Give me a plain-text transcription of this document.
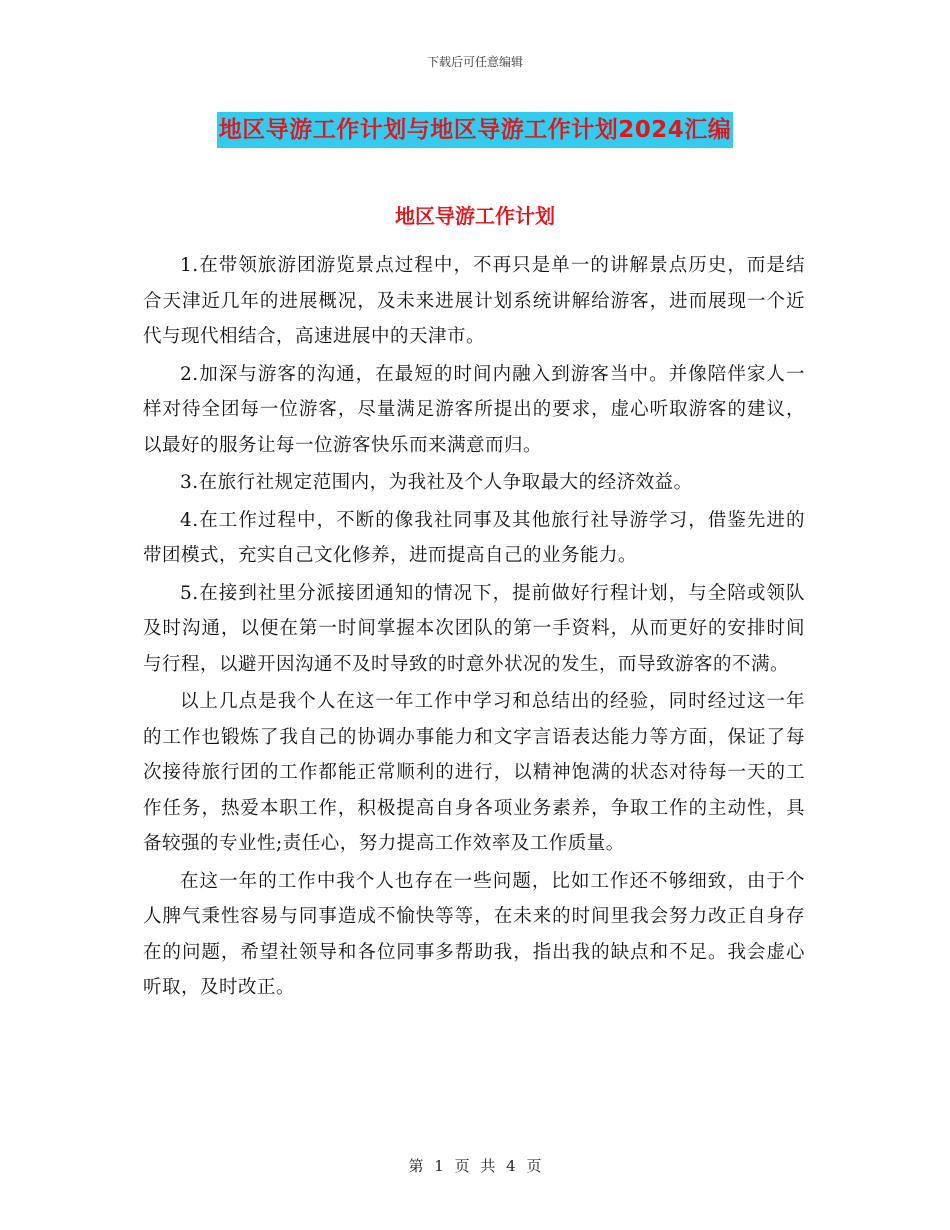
下载后可任意编辑
地区导游工作计划与地区导游工作计划2024汇编
地区导游工作计划

1.在带领旅游团游览景点过程中，不再只是单一的讲解景点历史，而是结合天津近几年的进展概况，及未来进展计划系统讲解给游客，进而展现一个近代与现代相结合，高速进展中的天津市。

2.加深与游客的沟通，在最短的时间内融入到游客当中。并像陪伴家人一样对待全团每一位游客，尽量满足游客所提出的要求，虚心听取游客的建议，以最好的服务让每一位游客快乐而来满意而归。

3.在旅行社规定范围内，为我社及个人争取最大的经济效益。

4.在工作过程中，不断的像我社同事及其他旅行社导游学习，借鉴先进的带团模式，充实自己文化修养，进而提高自己的业务能力。

5.在接到社里分派接团通知的情况下，提前做好行程计划，与全陪或领队及时沟通，以便在第一时间掌握本次团队的第一手资料，从而更好的安排时间与行程，以避开因沟通不及时导致的时意外状况的发生，而导致游客的不满。

以上几点是我个人在这一年工作中学习和总结出的经验，同时经过这一年的工作也锻炼了我自己的协调办事能力和文字言语表达能力等方面，保证了每次接待旅行团的工作都能正常顺利的进行，以精神饱满的状态对待每一天的工作任务，热爱本职工作，积极提高自身各项业务素养，争取工作的主动性，具备较强的专业性;责任心，努力提高工作效率及工作质量。

在这一年的工作中我个人也存在一些问题，比如工作还不够细致，由于个人脾气秉性容易与同事造成不愉快等等，在未来的时间里我会努力改正自身存在的问题，希望社领导和各位同事多帮助我，指出我的缺点和不足。我会虚心听取，及时改正。

第 1 页 共 4 页
